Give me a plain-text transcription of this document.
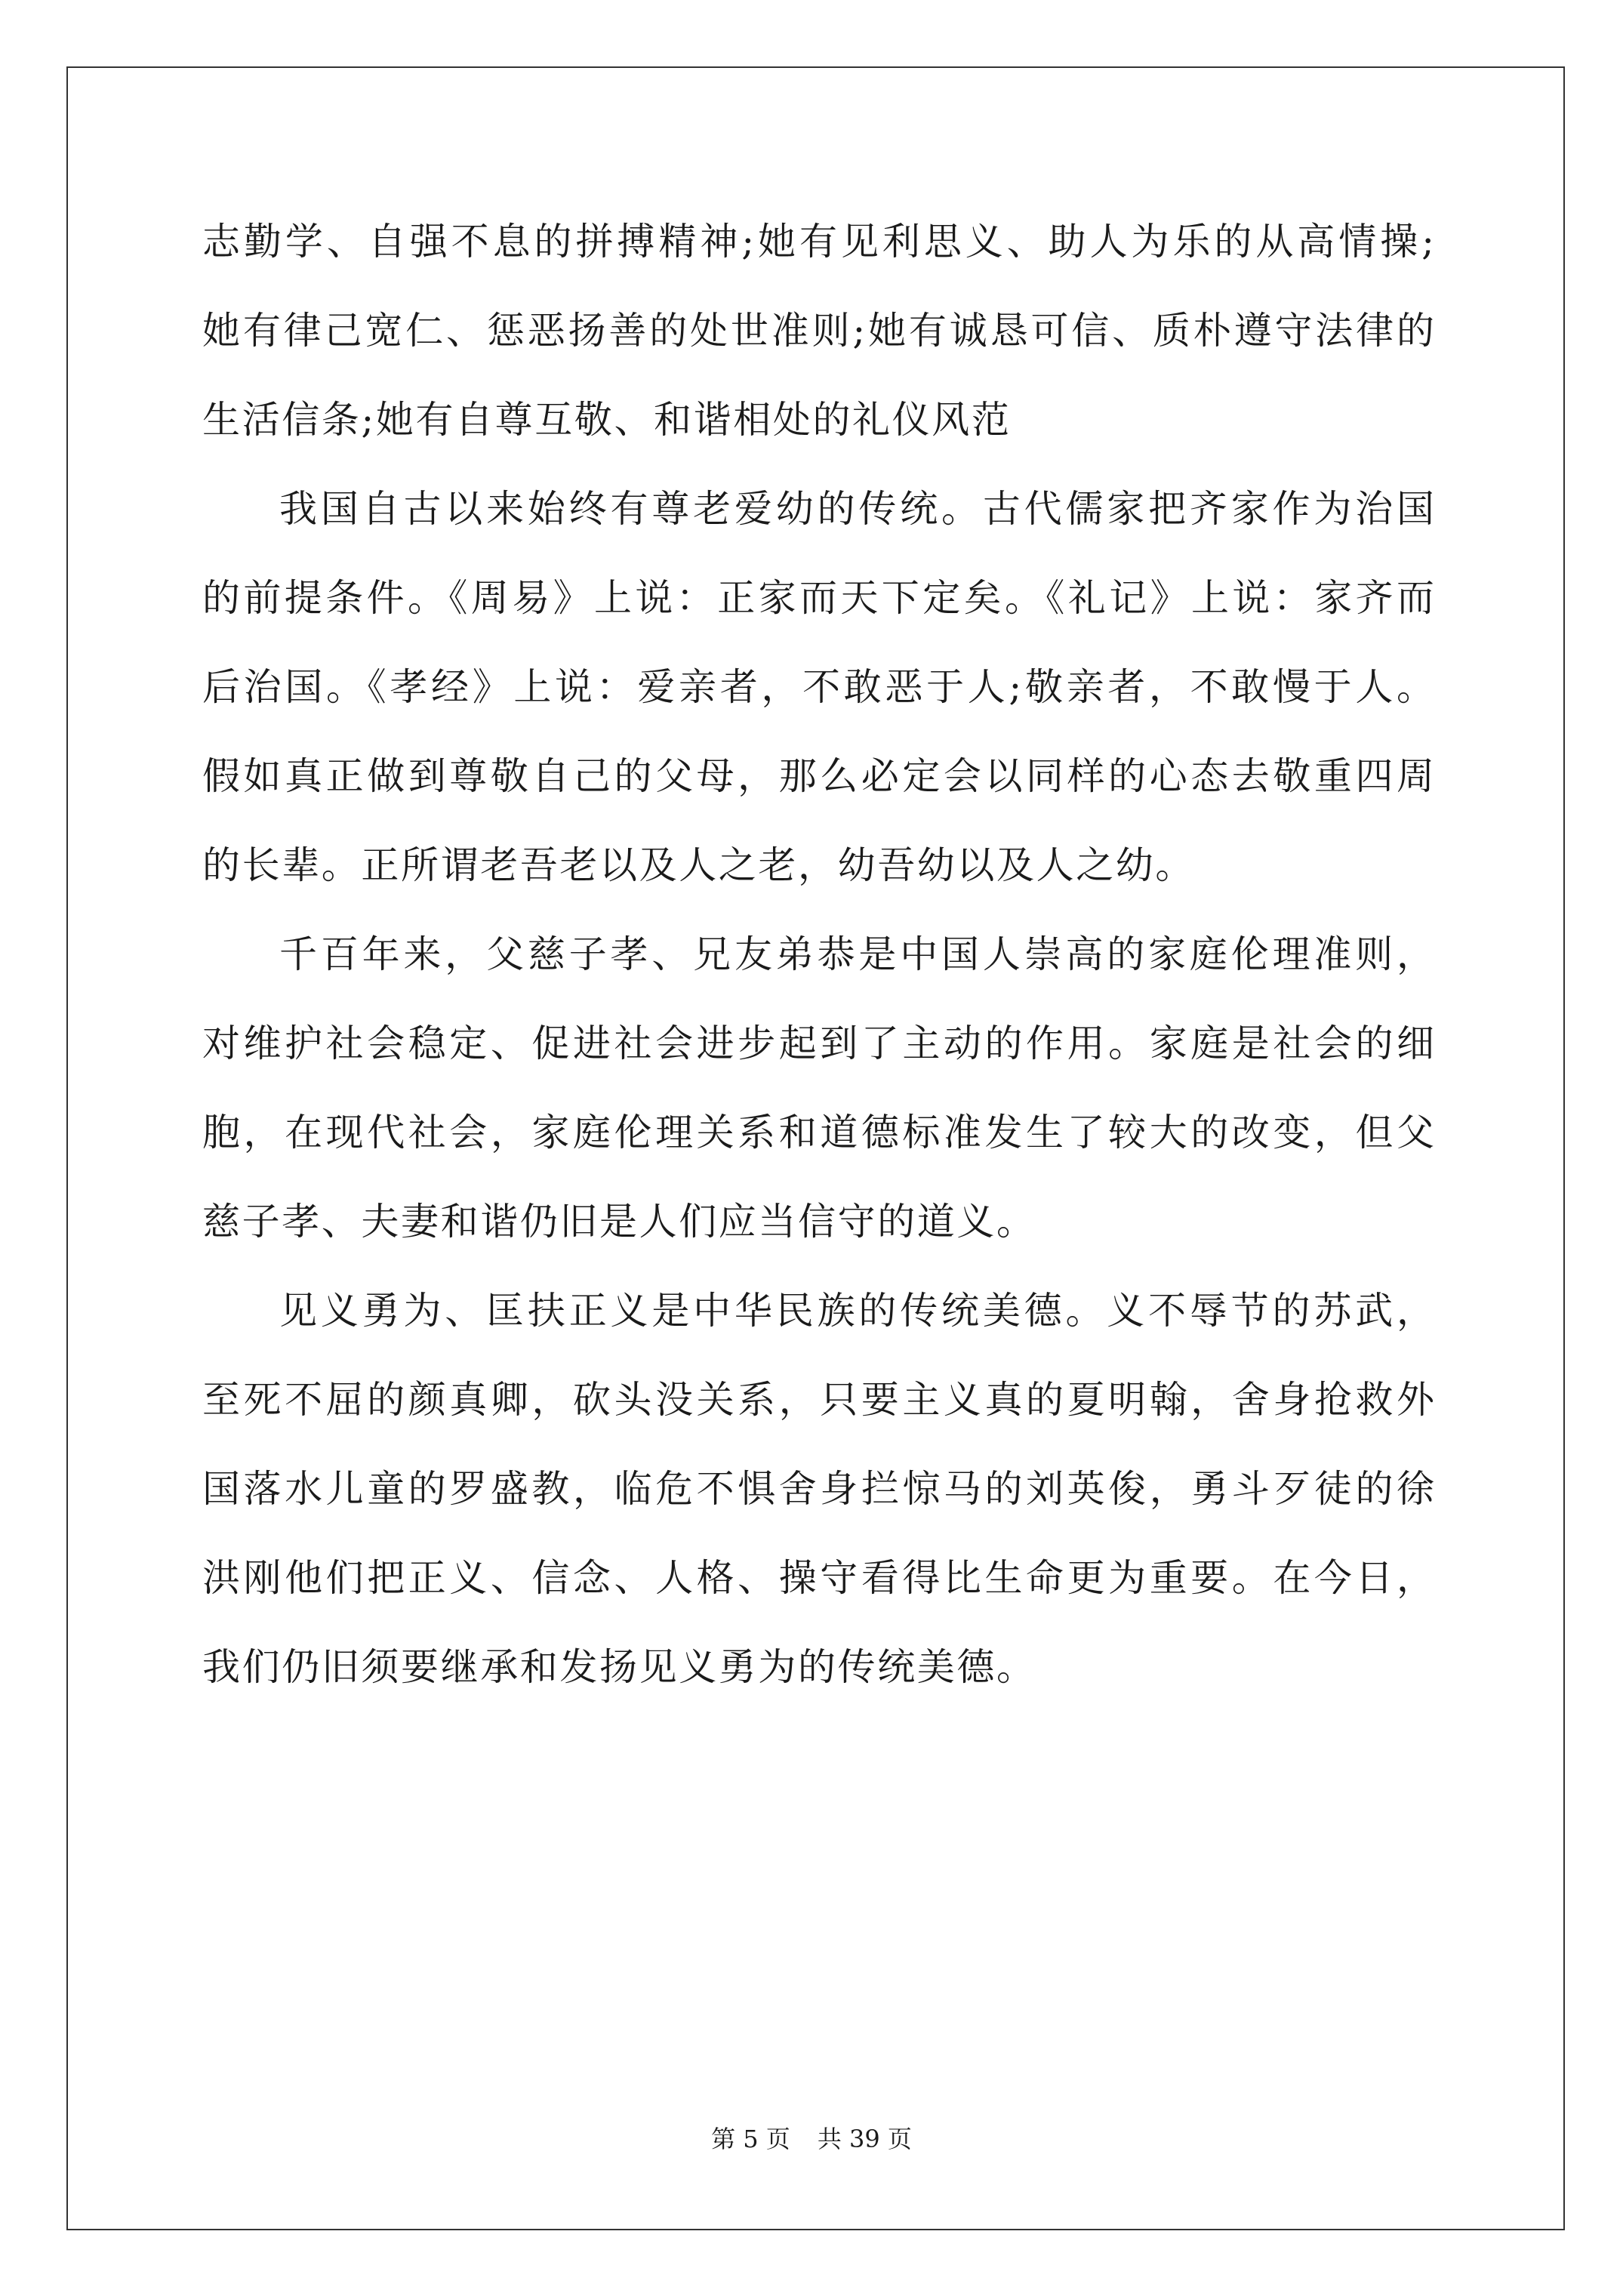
志勤学、自强不息的拼搏精神;她有见利思义、助人为乐的从高情操;
她有律己宽仁、惩恶扬善的处世准则;她有诚恳可信、质朴遵守法律的
生活信条;她有自尊互敬、和谐相处的礼仪风范
我国自古以来始终有尊老爱幼的传统。古代儒家把齐家作为治国
的前提条件。《周易》上说：正家而天下定矣。《礼记》上说：家齐而
后治国。《孝经》上说：爱亲者，不敢恶于人;敬亲者，不敢慢于人。
假如真正做到尊敬自己的父母，那么必定会以同样的心态去敬重四周
的长辈。正所谓老吾老以及人之老，幼吾幼以及人之幼。
千百年来，父慈子孝、兄友弟恭是中国人崇高的家庭伦理准则，
对维护社会稳定、促进社会进步起到了主动的作用。家庭是社会的细
胞，在现代社会，家庭伦理关系和道德标准发生了较大的改变，但父
慈子孝、夫妻和谐仍旧是人们应当信守的道义。
见义勇为、匡扶正义是中华民族的传统美德。义不辱节的苏武，
至死不屈的颜真卿，砍头没关系，只要主义真的夏明翰，舍身抢救外
国落水儿童的罗盛教，临危不惧舍身拦惊马的刘英俊，勇斗歹徒的徐
洪刚他们把正义、信念、人格、操守看得比生命更为重要。在今日，
我们仍旧须要继承和发扬见义勇为的传统美德。
第 5 页 共 39 页
